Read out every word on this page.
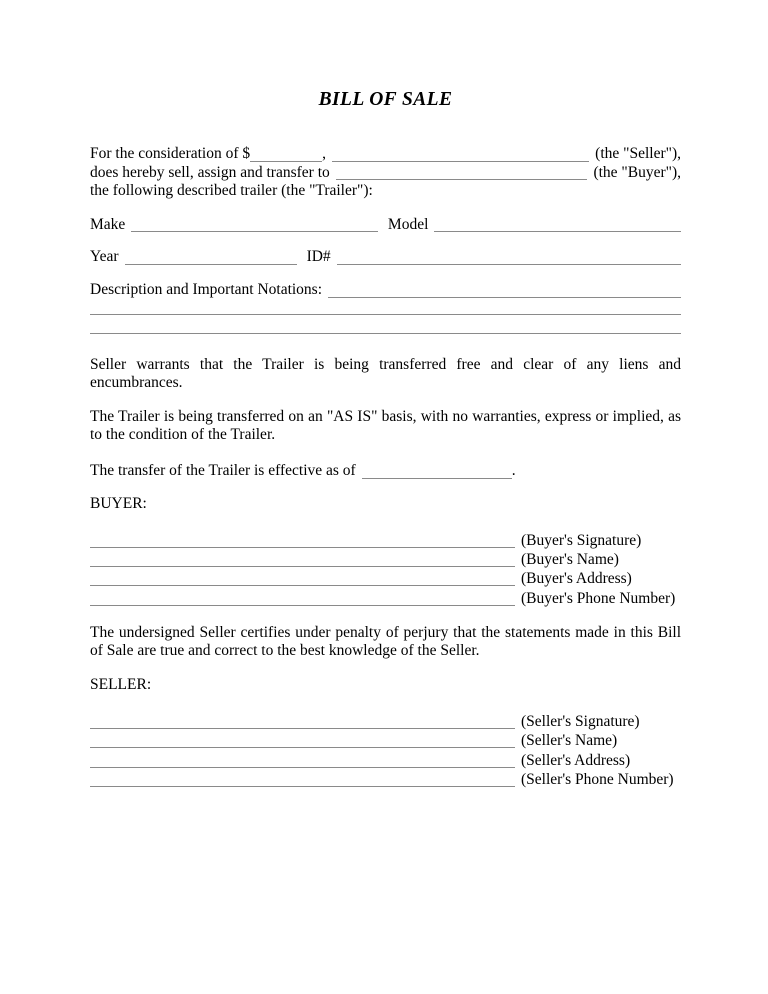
BILL OF SALE
For the consideration of $	,	(the "Seller"),
does hereby sell, assign and transfer to	(the "Buyer"),
the following described trailer (the "Trailer"):
Make	Model
Year	ID#
Description and Important Notations:

Seller warrants that the Trailer is being transferred free and clear of any liens and encumbrances.

The Trailer is being transferred on an "AS IS" basis, with no warranties, express or implied, as to the condition of the Trailer.

The transfer of the Trailer is effective as of	.
BUYER:
(Buyer's Signature)
(Buyer's Name)
(Buyer's Address)
(Buyer's Phone Number)

The undersigned Seller certifies under penalty of perjury that the statements made in this Bill of Sale are true and correct to the best knowledge of the Seller.

SELLER:
(Seller's Signature)
(Seller's Name)
(Seller's Address)
(Seller's Phone Number)
